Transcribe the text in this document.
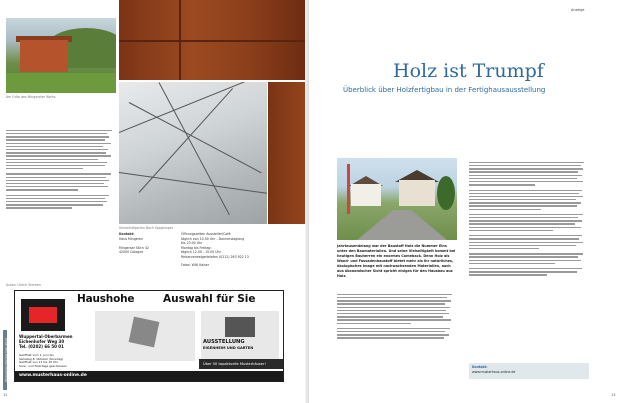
Am Fuße des Mingareter Weihs
Autor: Ulrich Siemen
Ulmenhöfgarten Bach Spaghinger
Kontakt:
Haus Mingeren

Mingerser Stich 42
42000 Cologne
Öffnungszeiten Aussteller/Café:
täglich von 10.00 Uhr - Donnerstaglang
bis 23.00 Uhr
Montag bis Freitag:
täglich 12.00 - 15.00 Uhr
Reiserverweigertelefon (0212) 263 922 13

Fotos: Willi Kaiser
Haushohe	Auswahl für Sie
Wuppertal-Oberbarmen
Eichenhofer Weg 30
Tel. (0202) 66 50 01
Geöffnet vom 1. Juni bis
Samstag 8. Oktober (Sonntag)
Geöffnet von 11 bis 19 Uhr
Sonn- und Feiertage geschlossen
AUSSTELLUNG
EIGENHEIM UND GARTEN
Über 50 topaktuelle Musterhäuser!
www.musterhaus-online.de
Wuppertal Oberbarmen 2012
12
Anzeige
Holz ist Trumpf
Überblick über Holzfertigbau in der Fertighausausstellung
Jahrtausendelang war der Baustoff Holz die Nummer Eins unter den Baumaterialien. Und seine Vielseitigkeit kommt bei heutigen Bauherren ein enormes Comeback. Denn Holz als Wand- und Fassadenbaustoff bietet mehr als ihr natürliches, ökologisches Image mit nachwachsenden Materialien, auch aus ökonomischer Sicht spricht einiges für den Hausbau aus Holz.
Kontakt:
www.musterhaus-online.de
13
